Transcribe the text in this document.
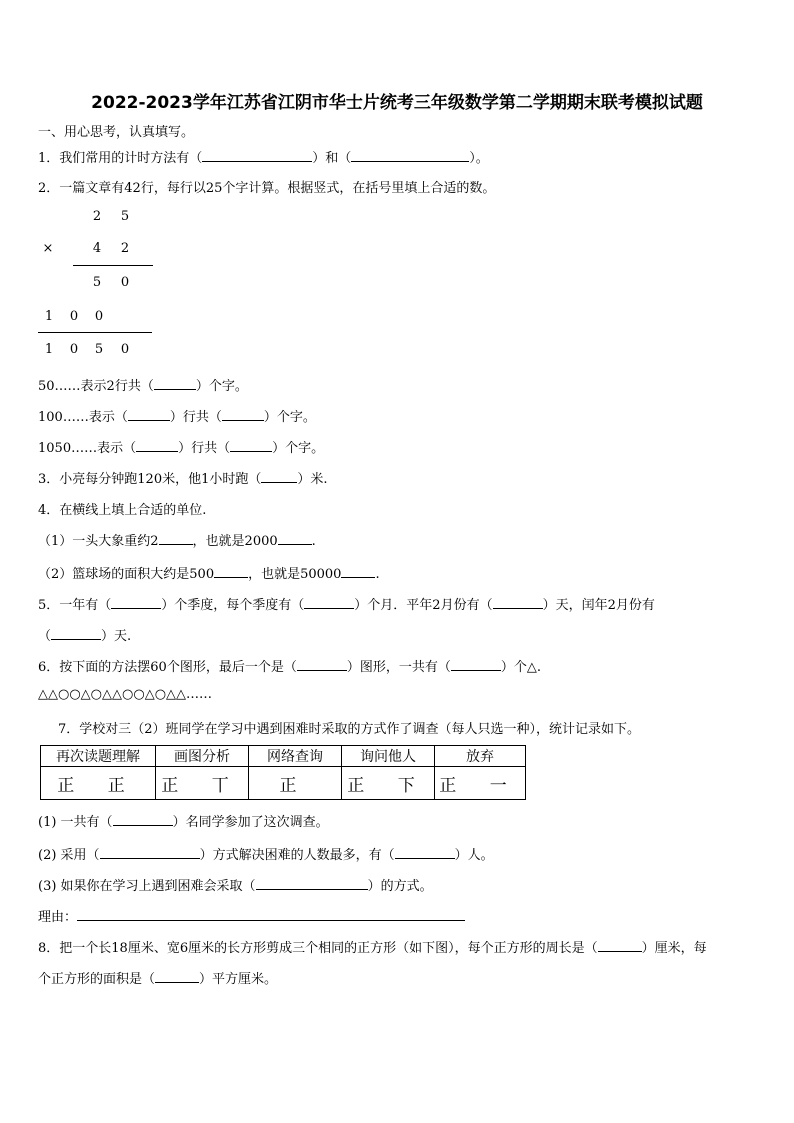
2022-2023学年江苏省江阴市华士片统考三年级数学第二学期期末联考模拟试题
一、用心思考，认真填写。
1．我们常用的计时方法有（	）和（	）。
2．一篇文章有42行，每行以25个字计算。根据竖式，在括号里填上合适的数。
2 5
×	4 2
5 0
1 0 0
1 0 5 0
50……表示2行共（	）个字。
100……表示（	）行共（	）个字。
1050……表示（	）行共（	）个字。
3．小亮每分钟跑120米，他1小时跑（	）米.
4．在横线上填上合适的单位.
（1）一头大象重约2	，也就是2000	.
（2）篮球场的面积大约是500	，也就是50000	.
5．一年有（	）个季度，每个季度有（	）个月．平年2月份有（	）天，闰年2月份有
（	）天.
6．按下面的方法摆60个图形，最后一个是（	）图形，一共有（	）个△.
△△○○△○△△○○△○△△……
7．学校对三（2）班同学在学习中遇到困难时采取的方式作了调查（每人只选一种），统计记录如下。
再次读题理解	画图分析	网络查询	询问他人	放弃
正 正	正 丅	正	正 下	正 一
(1) 一共有（	）名同学参加了这次调查。
(2) 采用（	）方式解决困难的人数最多，有（	）人。
(3) 如果你在学习上遇到困难会采取（	）的方式。
理由：
8．把一个长18厘米、宽6厘米的长方形剪成三个相同的正方形（如下图），每个正方形的周长是（	）厘米，每
个正方形的面积是（	）平方厘米。
